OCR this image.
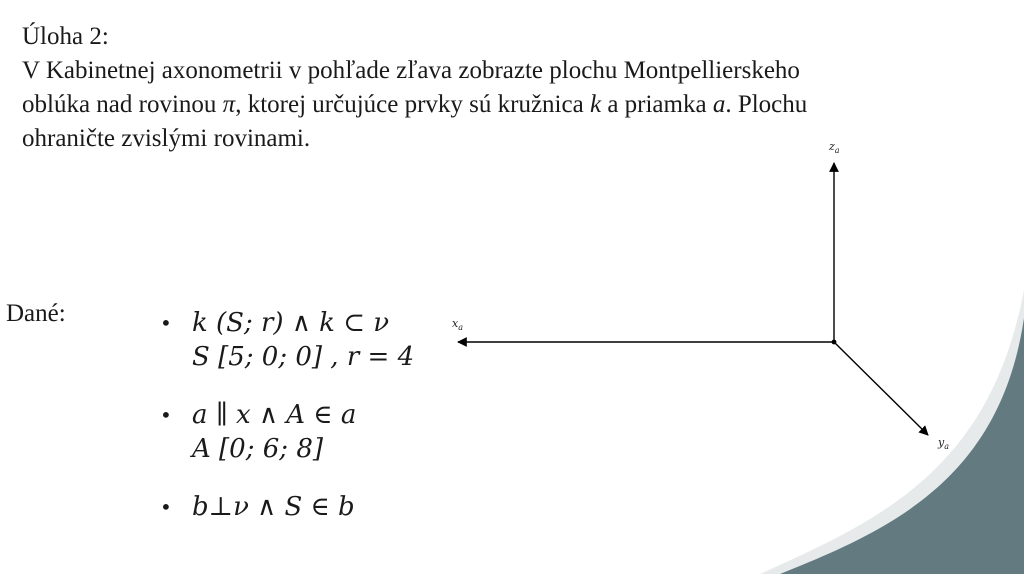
Úloha 2:
V Kabinetnej axonometrii v pohľade zľava zobrazte plochu Montpellierskeho
oblúka nad rovinou π, ktorej určujúce prvky sú kružnica k a priamka a. Plochu
ohraničte zvislými rovinami.
Dané:	• k (S; r) ∧ k ⊂ ν
S [5; 0; 0] , r = 4
• a ∥ x ∧ A ∈ a
A [0; 6; 8]
• b⊥ν ∧ S ∈ b
$z_a$
$x_a$
$y_a$
